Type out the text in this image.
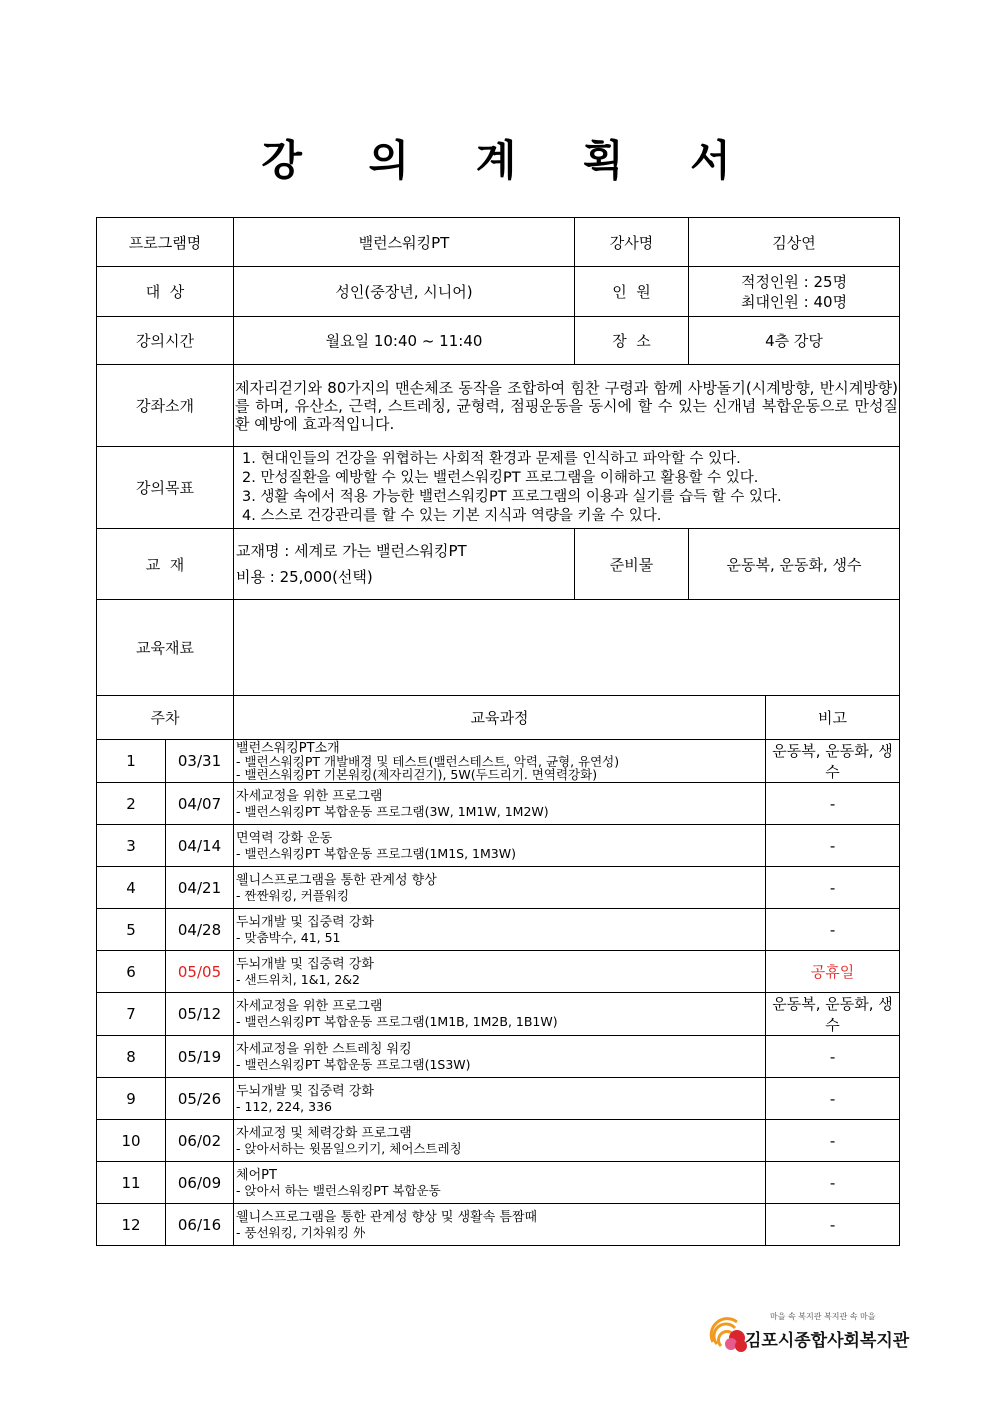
강 의 계 획 서
프로그램명		밸런스워킹PT	강사명	김상연	
대  상		성인(중장년, 시니어)	인  원	적정인원 : 25명
최대인원 : 40명	

강의시간		월요일 10:40 ~ 11:40	장  소	4층 강당	
강좌소개		제자리걷기와 80가지의 맨손체조 동작을 조합하여 힘찬 구령과 함께 사방돌기(시계방향, 반시계방향)를 하며, 유산소, 근력, 스트레칭, 균형력, 점핑운동을 동시에 할 수 있는 신개념 복합운동으로 만성질환 예방에 효과적입니다.			
강의목표		1. 현대인들의 건강을 위협하는 사회적 환경과 문제를 인식하고 파악할 수 있다.
2. 만성질환을 예방할 수 있는 밸런스워킹PT 프로그램을 이해하고 활용할 수 있다.
3. 생활 속에서 적용 가능한 밸런스워킹PT 프로그램의 이용과 실기를 습득 할 수 있다.
4. 스스로 건강관리를 할 수 있는 기본 지식과 역량을 키울 수 있다.			

교  재		교재명 : 세계로 가는 밸런스워킹PT
비용 : 25,000(선택)	준비물	운동복, 운동화, 생수	
교육재료					
주차		교육과정			비고
1	03/31	밸런스워킹PT소개
- 밸런스워킹PT 개발배경 및 테스트(밸런스테스트, 악력, 균형, 유연성)
- 밸런스워킹PT 기본워킹(제자리걷기), 5W(두드리기. 면역력강화)			운동복, 운동화, 생수
2	04/07	자세교정을 위한 프로그램
- 밸런스워킹PT 복합운동 프로그램(3W, 1M1W, 1M2W)			-
3	04/14	면역력 강화 운동
- 밸런스워킹PT 복합운동 프로그램(1M1S, 1M3W)			-
4	04/21	웰니스프로그램을 통한 관계성 향상
- 짠짠워킹, 커플워킹			-
5	04/28	두뇌개발 및 집중력 강화
- 맞춤박수, 41, 51			-
6	05/05	두뇌개발 및 집중력 강화
- 샌드위치, 1&1, 2&2			공휴일
7	05/12	자세교정을 위한 프로그램
- 밸런스워킹PT 복합운동 프로그램(1M1B, 1M2B, 1B1W)			운동복, 운동화, 생수
8	05/19	자세교정을 위한 스트레칭 워킹
- 밸런스워킹PT 복합운동 프로그램(1S3W)			-
9	05/26	두뇌개발 및 집중력 강화
- 112, 224, 336			-
10	06/02	자세교정 및 체력강화 프로그램
- 앉아서하는 윗몸일으키기, 체어스트레칭			-
11	06/09	체어PT
- 앉아서 하는 밸런스워킹PT 복합운동			-
12	06/16	웰니스프로그램을 통한 관계성 향상 및 생활속 틈짬때
- 풍선워킹, 기차워킹 外			-
마을 속 복지관 복지관 속 마을
김포시종합사회복지관
